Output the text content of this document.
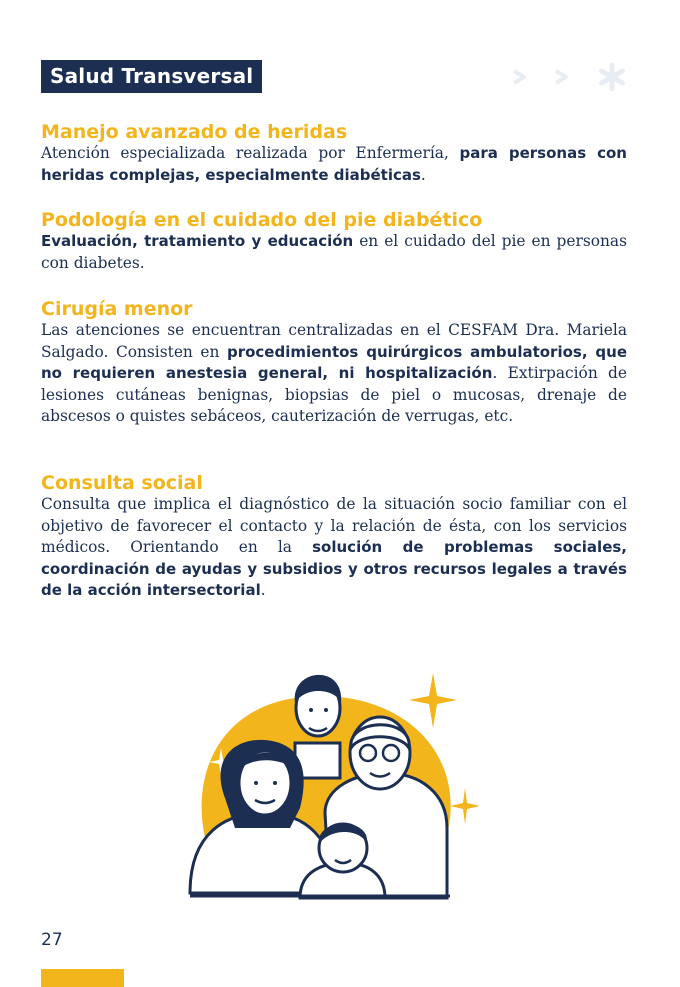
Salud Transversal
Manejo avanzado de heridas

Atención especializada realizada por Enfermería, para personas con heridas complejas, especialmente diabéticas.

Podología en el cuidado del pie diabético

Evaluación, tratamiento y educación en el cuidado del pie en personas con diabetes.

Cirugía menor

Las atenciones se encuentran centralizadas en el CESFAM Dra. Mariela Salgado. Consisten en procedimientos quirúrgicos ambulatorios, que no requieren anestesia general, ni hospitalización. Extirpación de lesiones cutáneas benignas, biopsias de piel o mucosas, drenaje de abscesos o quistes sebáceos, cauterización de verrugas, etc.

Consulta social

Consulta que implica el diagnóstico de la situación socio familiar con el objetivo de favorecer el contacto y la relación de ésta, con los servicios médicos. Orientando en la solución de problemas sociales, coordinación de ayudas y subsidios y otros recursos legales a través de la acción intersectorial.

27
